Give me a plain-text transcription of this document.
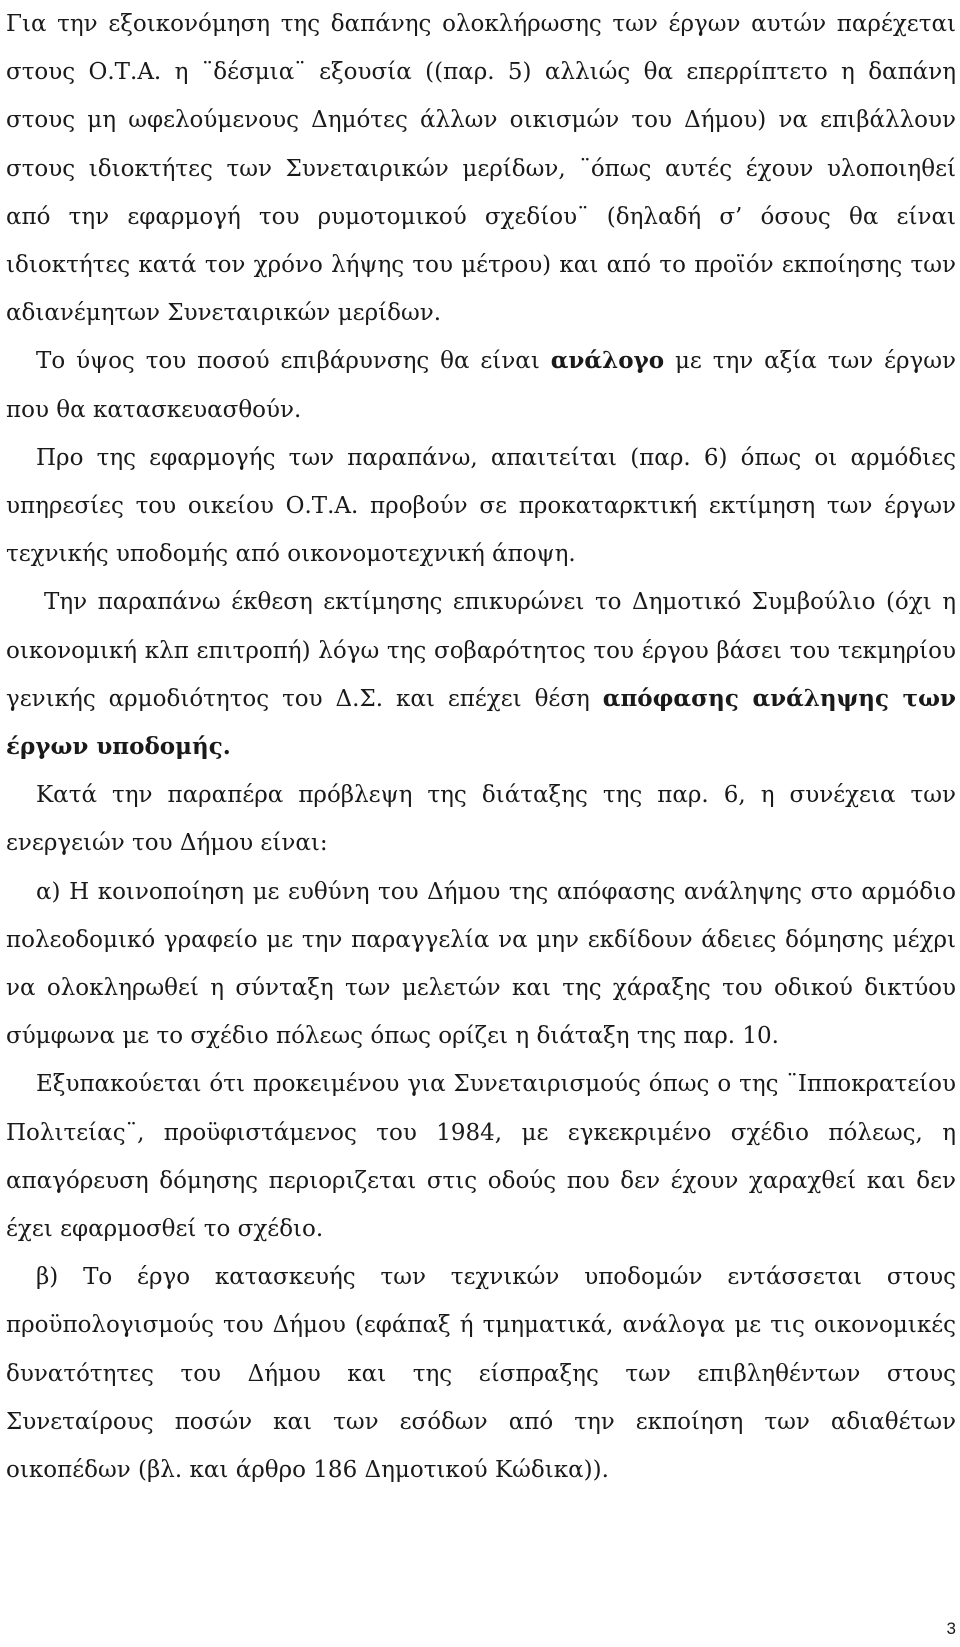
Για την εξοικονόμηση της δαπάνης ολοκλήρωσης των έργων αυτών παρέχεται στους Ο.Τ.Α. η ¨δέσμια¨ εξουσία ((παρ. 5) αλλιώς θα επερρίπτετο η δαπάνη στους μη ωφελούμενους Δημότες άλλων οικισμών του Δήμου) να επιβάλλουν στους ιδιοκτήτες των Συνεταιρικών μερίδων, ¨όπως αυτές έχουν υλοποιηθεί από την εφαρμογή του ρυμοτομικού σχεδίου¨ (δηλαδή σ’ όσους θα είναι ιδιοκτήτες κατά τον χρόνο λήψης του μέτρου) και από το προϊόν εκποίησης των αδιανέμητων Συνεταιρικών μερίδων.

Το ύψος του ποσού επιβάρυνσης θα είναι ανάλογο με την αξία των έργων που θα κατασκευασθούν.

Προ της εφαρμογής των παραπάνω, απαιτείται (παρ. 6) όπως οι αρμόδιες υπηρεσίες του οικείου Ο.Τ.Α. προβούν σε προκαταρκτική εκτίμηση των έργων τεχνικής υποδομής από οικονομοτεχνική άποψη.

Την παραπάνω έκθεση εκτίμησης επικυρώνει το Δημοτικό Συμβούλιο (όχι η οικονομική κλπ επιτροπή) λόγω της σοβαρότητος του έργου βάσει του τεκμηρίου γενικής αρμοδιότητος του Δ.Σ. και επέχει θέση απόφασης ανάληψης των έργων υποδομής.

Κατά την παραπέρα πρόβλεψη της διάταξης της παρ. 6, η συνέχεια των ενεργειών του Δήμου είναι:

α) Η κοινοποίηση με ευθύνη του Δήμου της απόφασης ανάληψης στο αρμόδιο πολεοδομικό γραφείο με την παραγγελία να μην εκδίδουν άδειες δόμησης μέχρι να ολοκληρωθεί η σύνταξη των μελετών και της χάραξης του οδικού δικτύου σύμφωνα με το σχέδιο πόλεως όπως ορίζει η διάταξη της παρ. 10.

Εξυπακούεται ότι προκειμένου για Συνεταιρισμούς όπως ο της ¨Ιπποκρατείου Πολιτείας¨, προϋφιστάμενος του 1984, με εγκεκριμένο σχέδιο πόλεως, η απαγόρευση δόμησης περιοριζεται στις οδούς που δεν έχουν χαραχθεί και δεν έχει εφαρμοσθεί το σχέδιο.

β) Το έργο κατασκευής των τεχνικών υποδομών εντάσσεται στους προϋπολογισμούς του Δήμου (εφάπαξ ή τμηματικά, ανάλογα με τις οικονομικές δυνατότητες του Δήμου και της είσπραξης των επιβληθέντων στους Συνεταίρους ποσών και των εσόδων από την εκποίηση των αδιαθέτων οικοπέδων (βλ. και άρθρο 186 Δημοτικού Κώδικα)).

3
